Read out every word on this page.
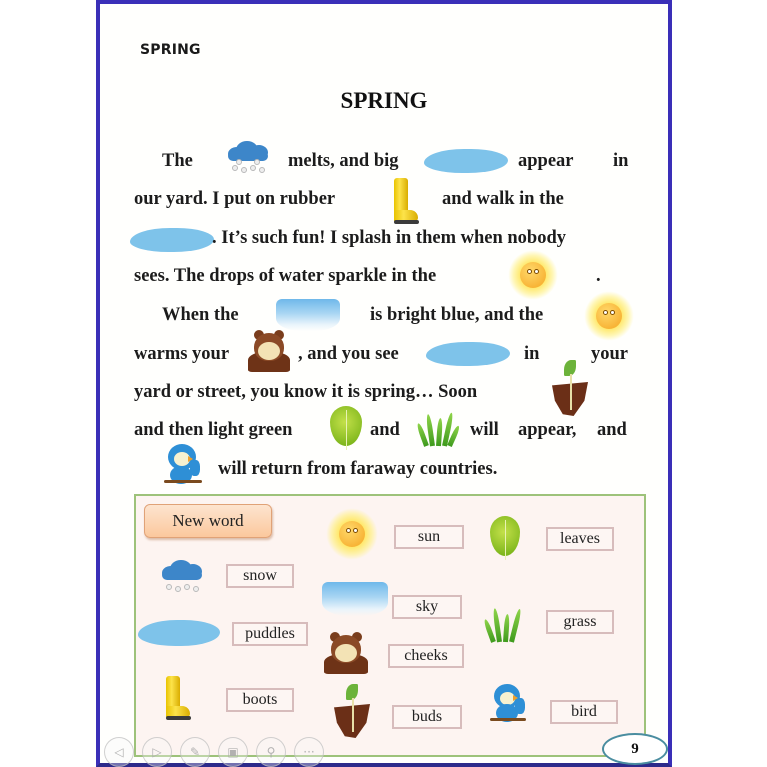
SPRING
SPRING
The	melts, and big	appear in
our yard. I put on rubber	and walk in the
. It’s such fun! I splash in them when nobody
sees. The drops of water sparkle in the	.
When the	is bright blue, and the
warms your	, and you see	in	your
yard or street, you know it is spring… Soon
and then light green	and	will appear, and
will return from faraway countries.
New word
sun	leaves
snow
sky
puddles
grass
cheeks
boots
buds	bird
9
◁	▷	✎	▣	⚲	···
